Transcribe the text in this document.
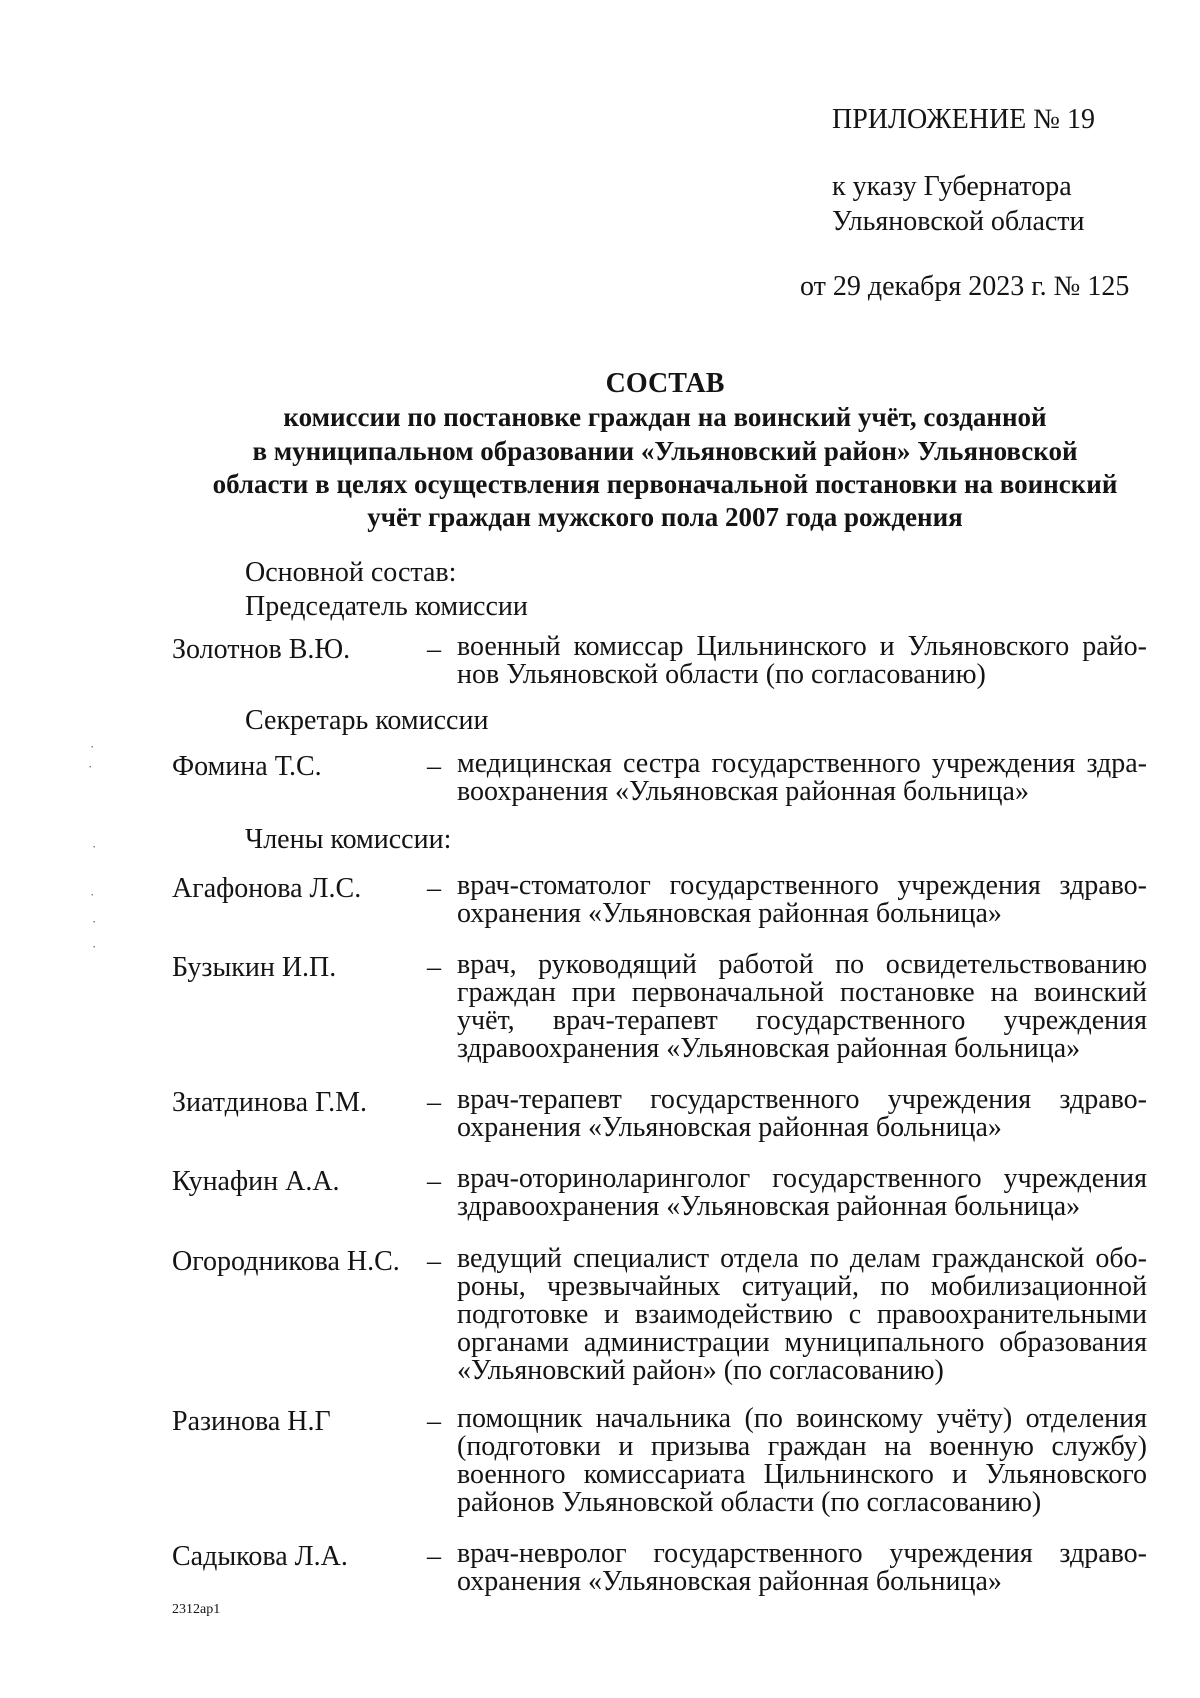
ПРИЛОЖЕНИЕ № 19
к указу Губернатора
Ульяновской области
от 29 декабря 2023 г. № 125
СОСТАВ
комиссии по постановке граждан на воинский учёт, созданной
в муниципальном образовании «Ульяновский район» Ульяновской
области в целях осуществления первоначальной постановки на воинский
учёт граждан мужского пола 2007 года рождения
Основной состав:
Председатель комиссии
Золотнов В.Ю.	– военный комиссар Цильнинского и Ульяновского райо-
нов Ульяновской области (по согласованию)
Секретарь комиссии
Фомина Т.С.	– медицинская сестра государственного учреждения здра-
воохранения «Ульяновская районная больница»
Члены комиссии:
Агафонова Л.С. – врач-стоматолог государственного учреждения здраво-
охранения «Ульяновская районная больница»
Бузыкин И.П.	– врач, руководящий работой по освидетельствованию
граждан при первоначальной постановке на воинский
учёт, врач-терапевт государственного учреждения
здравоохранения «Ульяновская районная больница»
Зиатдинова Г.М. – врач-терапевт государственного учреждения здраво-
охранения «Ульяновская районная больница»
Кунафин А.А.	– врач-оториноларинголог государственного учреждения
здравоохранения «Ульяновская районная больница»
Огородникова Н.С. – ведущий специалист отдела по делам гражданской обо-
роны, чрезвычайных ситуаций, по мобилизационной
подготовке и взаимодействию с правоохранительными
органами администрации муниципального образования
«Ульяновский район» (по согласованию)
Разинова Н.Г	– помощник начальника (по воинскому учёту) отделения
(подготовки и призыва граждан на военную службу)
военного комиссариата Цильнинского и Ульяновского
районов Ульяновской области (по согласованию)
Садыкова Л.А.	– врач-невролог государственного учреждения здраво-
охранения «Ульяновская районная больница»
2312ар1
·
·
·
·
·
·
